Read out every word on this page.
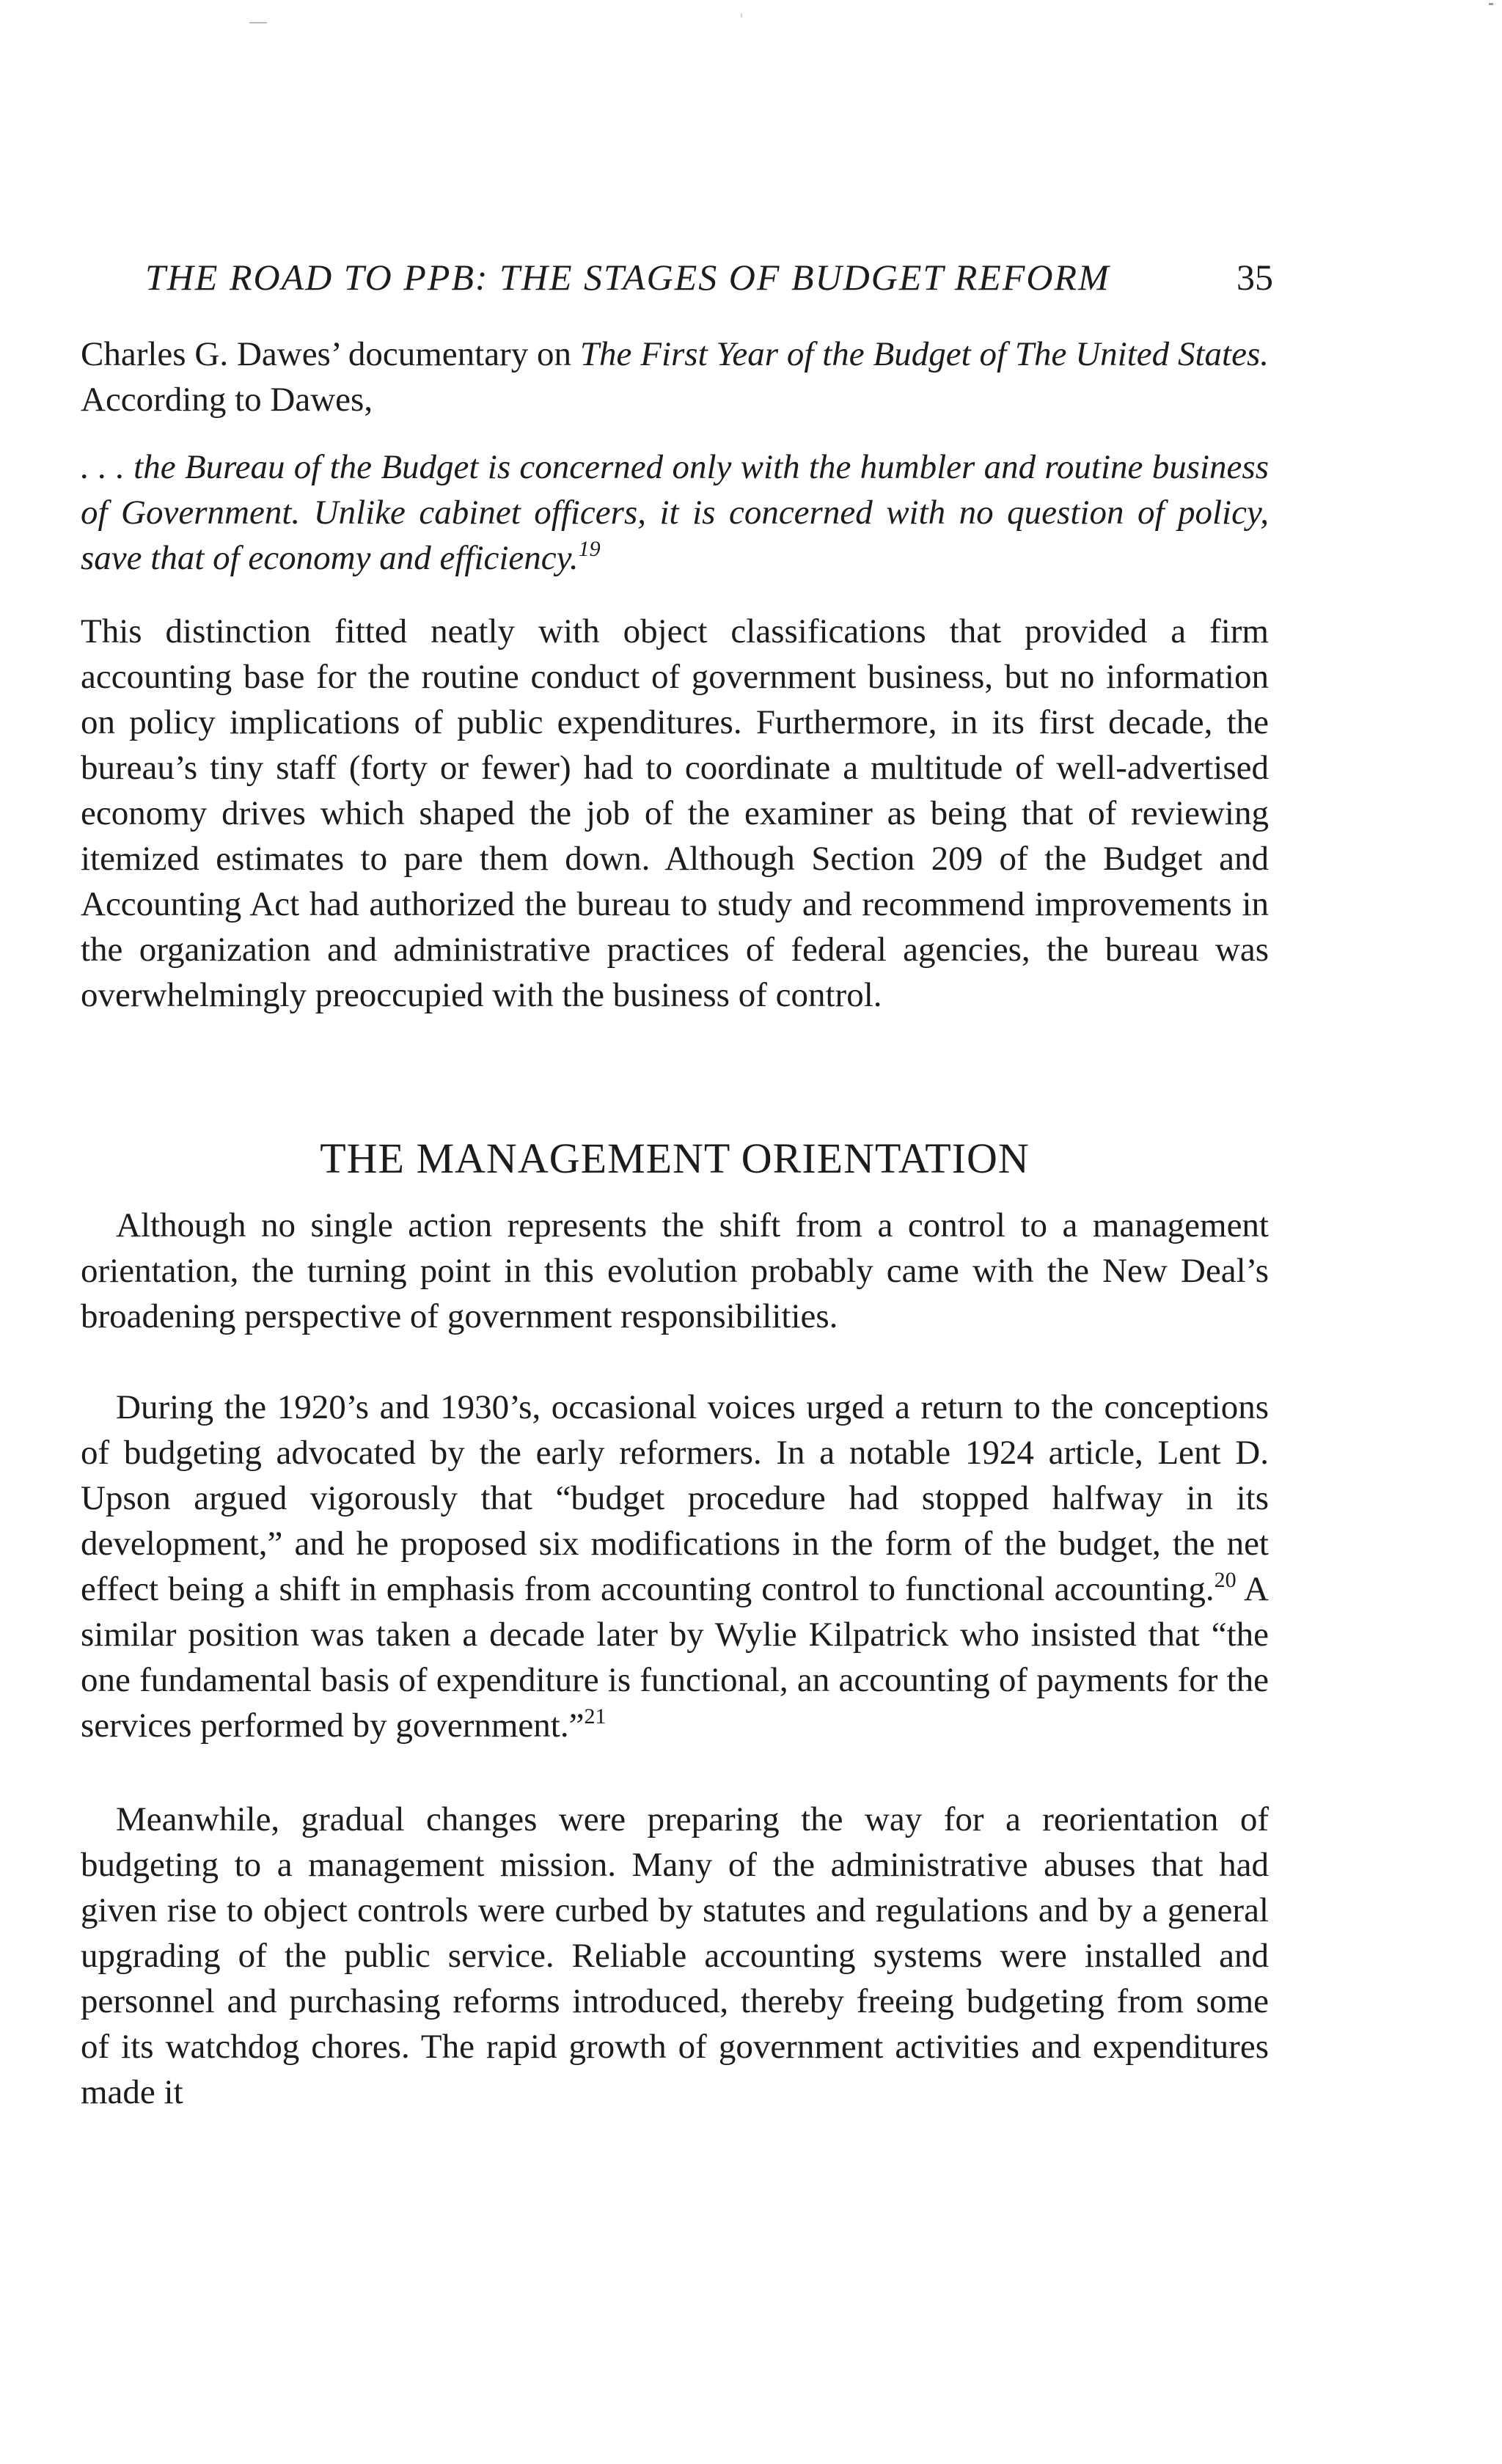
THE ROAD TO PPB: THE STAGES OF BUDGET REFORM	35

Charles G. Dawes’ documentary on The First Year of the Budget of The United States. According to Dawes,

. . . the Bureau of the Budget is concerned only with the humbler and routine business of Government. Unlike cabinet officers, it is concerned with no question of policy, save that of economy and efficiency.$^{19}$

This distinction fitted neatly with object classifications that provided a firm accounting base for the routine conduct of government business, but no information on policy implications of public expenditures. Furthermore, in its first decade, the bureau’s tiny staff (forty or fewer) had to coordinate a multitude of well-advertised economy drives which shaped the job of the examiner as being that of reviewing itemized estimates to pare them down. Although Section 209 of the Budget and Accounting Act had authorized the bureau to study and recommend improvements in the organization and administrative practices of federal agencies, the bureau was overwhelmingly preoccupied with the business of control.

THE MANAGEMENT ORIENTATION

Although no single action represents the shift from a control to a management orientation, the turning point in this evolution probably came with the New Deal’s broadening perspective of government responsibilities.

During the 1920’s and 1930’s, occasional voices urged a return to the conceptions of budgeting advocated by the early reformers. In a notable 1924 article, Lent D. Upson argued vigorously that “budget procedure had stopped halfway in its development,” and he proposed six modifications in the form of the budget, the net effect being a shift in emphasis from accounting control to functional accounting.$^{20}$ A similar position was taken a decade later by Wylie Kilpatrick who insisted that “the one fundamental basis of expenditure is functional, an accounting of payments for the services performed by government.”$^{21}$

Meanwhile, gradual changes were preparing the way for a reorientation of budgeting to a management mission. Many of the administrative abuses that had given rise to object controls were curbed by statutes and regulations and by a general upgrading of the public service. Reliable accounting systems were installed and personnel and purchasing reforms introduced, thereby freeing budgeting from some of its watchdog chores. The rapid growth of government activities and expenditures made it
